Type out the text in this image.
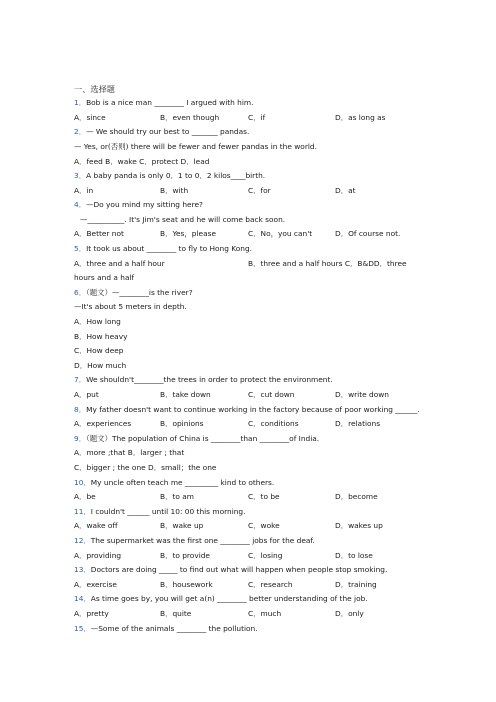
一、选择题
1．Bob is a nice man ________ I argued with him.
A．since	B．even though	C．if	D．as long as
2．— We should try our best to _______ pandas.
— Yes, or(否则) there will be fewer and fewer pandas in the world.
A．feed B．wake C．protect D．lead
3．A baby panda is only 0．1 to 0．2 kilos____birth.
A．in	B．with	C．for	D．at
4．—Do you mind my sitting here?
—__________. It's Jim's seat and he will come back soon.
A．Better not	B．Yes，please	C．No，you can't	D．Of course not.
5．It took us about ________ to fly to Hong Kong.
A．three and a half hour	B．three and a half hours C．B&DD．three
hours and a half
6．（题文）—________is the river?
—It's about 5 meters in depth.
A．How long
B．How heavy
C．How deep
D．How much
7．We shouldn't________the trees in order to protect the environment.
A．put	B．take down	C．cut down	D．write down
8．My father doesn't want to continue working in the factory because of poor working ______.
A．experiences	B．opinions	C．conditions	D．relations
9．（题文）The population of China is ________than ________of India.
A．more ;that B．larger ; that
C．bigger ; the one D．small；the one
10．My uncle often teach me _________ kind to others.
A．be	B．to am	C．to be	D．become
11．I couldn't ______ until 10: 00 this morning.
A．wake off	B．wake up	C．woke	D．wakes up
12．The supermarket was the first one ________ jobs for the deaf.
A．providing	B．to provide	C．losing	D．to lose
13．Doctors are doing _____ to find out what will happen when people stop smoking.
A．exercise	B．housework	C．research	D．training
14．As time goes by, you will get a(n) ________ better understanding of the job.
A．pretty	B．quite	C．much	D．only
15．—Some of the animals ________ the pollution.
